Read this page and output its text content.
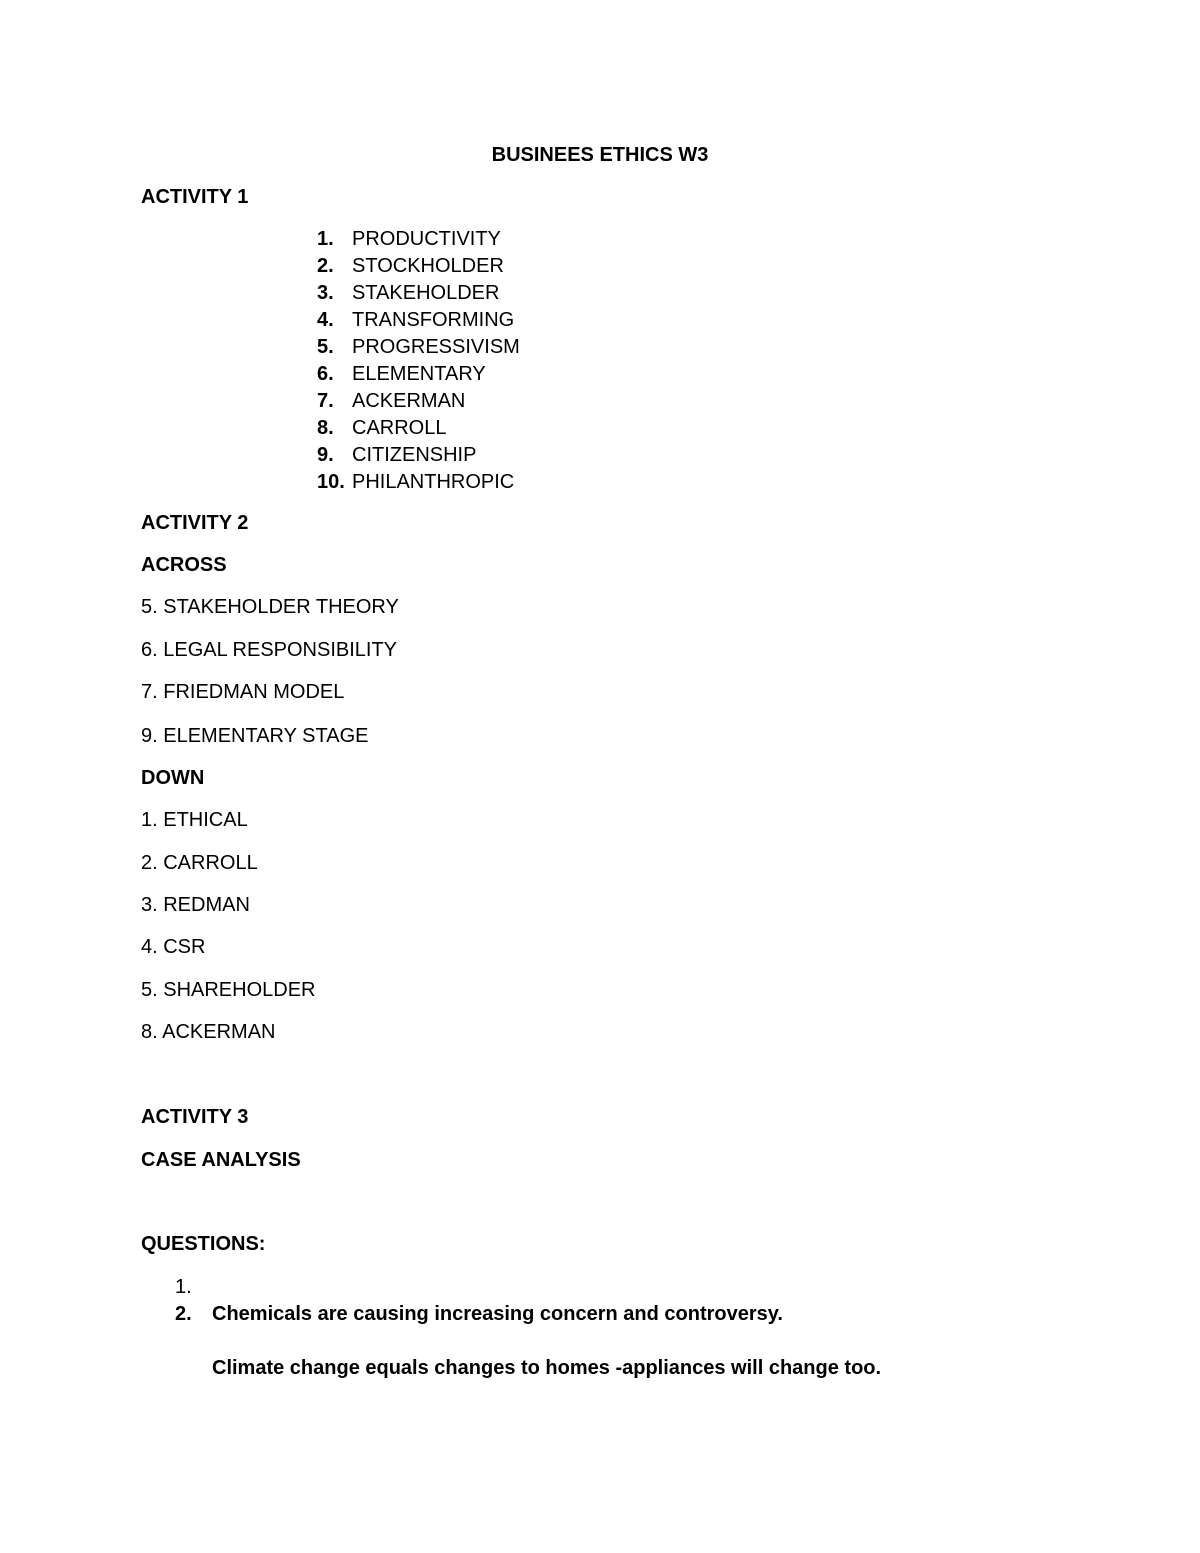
BUSINEES ETHICS W3
ACTIVITY 1
1. PRODUCTIVITY
2. STOCKHOLDER
3. STAKEHOLDER
4. TRANSFORMING
5. PROGRESSIVISM
6. ELEMENTARY
7. ACKERMAN
8. CARROLL
9. CITIZENSHIP
10. PHILANTHROPIC
ACTIVITY 2
ACROSS
5. STAKEHOLDER THEORY
6. LEGAL RESPONSIBILITY
7. FRIEDMAN MODEL
9. ELEMENTARY STAGE
DOWN
1. ETHICAL
2. CARROLL
3. REDMAN
4. CSR
5. SHAREHOLDER
8. ACKERMAN
ACTIVITY 3
CASE ANALYSIS
QUESTIONS:
1.
2. Chemicals are causing increasing concern and controversy.
Climate change equals changes to homes -appliances will change too.
